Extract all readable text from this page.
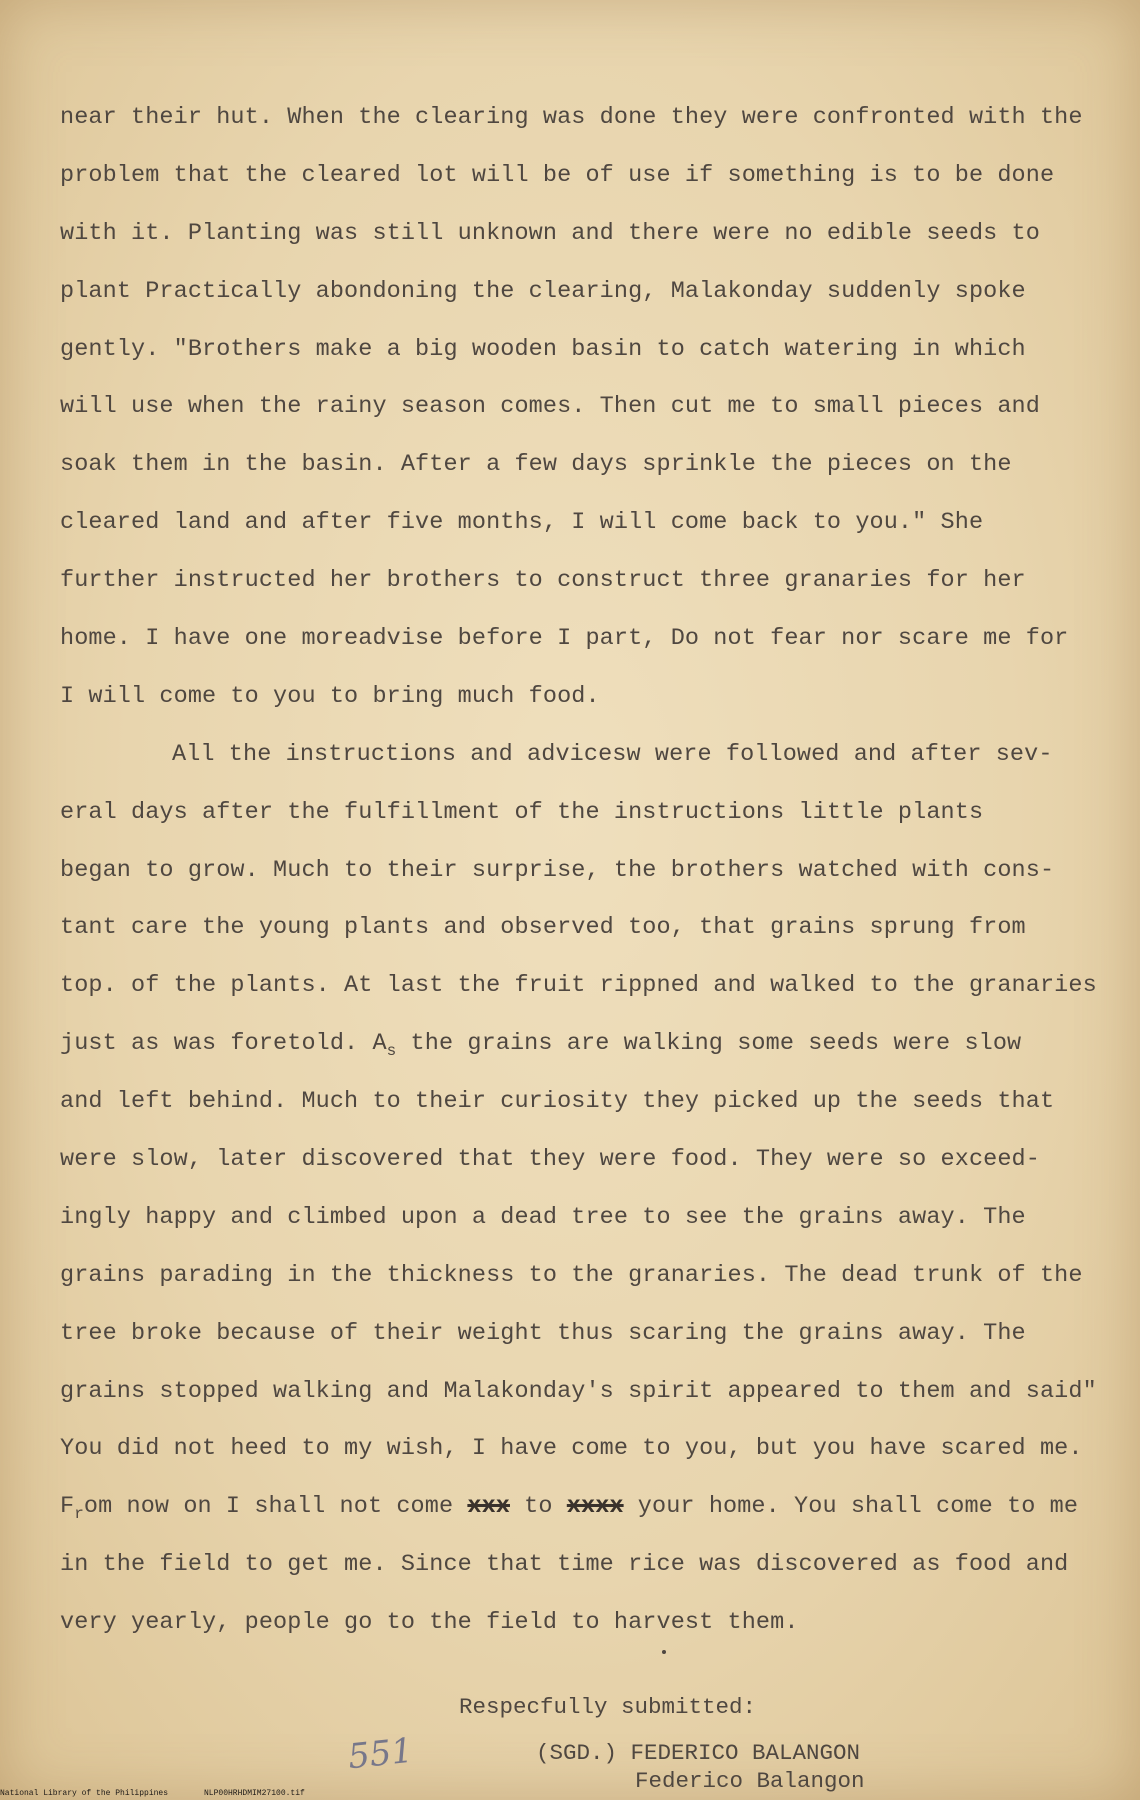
near their hut. When the clearing was done they were confronted with the
problem that the cleared lot will be of use if something is to be done
with it. Planting was still unknown and there were no edible seeds to
plant Practically abondoning the clearing, Malakonday suddenly spoke
gently. "Brothers make a big wooden basin to catch watering in which
will use when the rainy season comes. Then cut me to small pieces and
soak them in the basin. After a few days sprinkle the pieces on the
cleared land and after five months, I will come back to you." She
further instructed her brothers to construct three granaries for her
home. I have one moreadvise before I part, Do not fear nor scare me for
I will come to you to bring much food.
All the instructions and advicesw were followed and after sev-
eral days after the fulfillment of the instructions little plants
began to grow. Much to their surprise, the brothers watched with cons-
tant care the young plants and observed too, that grains sprung from
top. of the plants. At last the fruit rippned and walked to the granaries
just as was foretold. $A_s$ the grains are walking some seeds were slow
and left behind. Much to their curiosity they picked up the seeds that
were slow, later discovered that they were food. They were so exceed-
ingly happy and climbed upon a dead tree to see the grains away. The
grains parading in the thickness to the granaries. The dead trunk of the
tree broke because of their weight thus scaring the grains away. The
grains stopped walking and Malakonday's spirit appeared to them and said"
You did not heed to my wish, I have come to you, but you have scared me.
$F_rom$ now on I shall not come xxx to xxxx your home. You shall come to me
in the field to get me. Since that time rice was discovered as food and
very yearly, people go to the field to harvest them.
Respecfully submitted:
551	(SGD.) FEDERICO BALANGON
Federico Balangon
National Library of the Philippines	NLP00HRHDMIM27100.tif
